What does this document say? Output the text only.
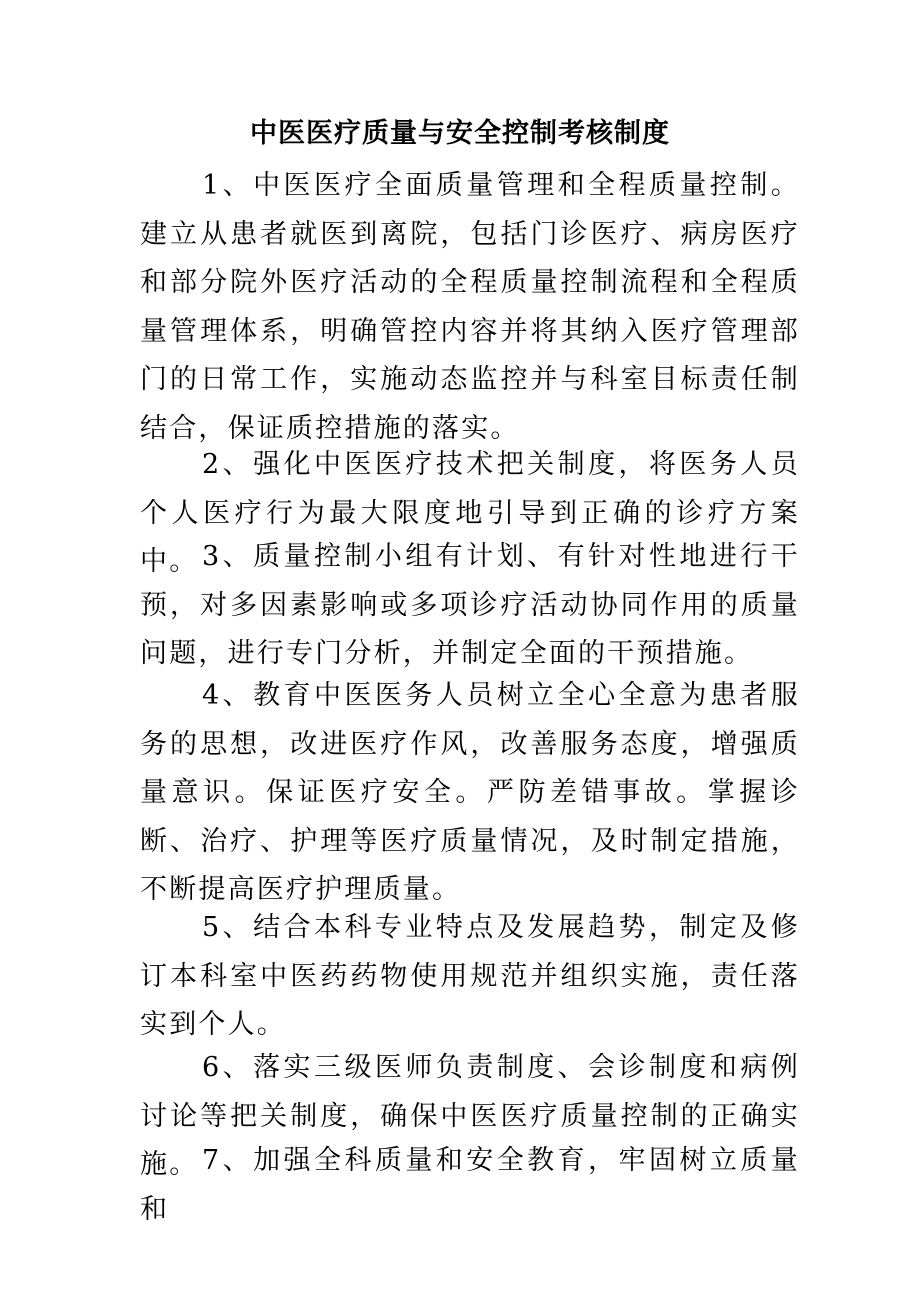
中医医疗质量与安全控制考核制度

1、中医医疗全面质量管理和全程质量控制。建立从患者就医到离院，包括门诊医疗、病房医疗和部分院外医疗活动的全程质量控制流程和全程质量管理体系，明确管控内容并将其纳入医疗管理部门的日常工作，实施动态监控并与科室目标责任制结合，保证质控措施的落实。

2、强化中医医疗技术把关制度，将医务人员个人医疗行为最大限度地引导到正确的诊疗方案中。 3、质量控制小组有计划、有针对性地进行干预，对多因素影响或多项诊疗活动协同作用的质量问题，进行专门分析，并制定全面的干预措施。

4、教育中医医务人员树立全心全意为患者服务的思想，改进医疗作风，改善服务态度，增强质量意识。保证医疗安全。严防差错事故。掌握诊断、治疗、护理等医疗质量情况，及时制定措施，不断提高医疗护理质量。

5、结合本科专业特点及发展趋势，制定及修订本科室中医药药物使用规范并组织实施，责任落实到个人。

6、落实三级医师负责制度、会诊制度和病例讨论等把关制度，确保中医医疗质量控制的正确实施。 7、加强全科质量和安全教育，牢固树立质量和
